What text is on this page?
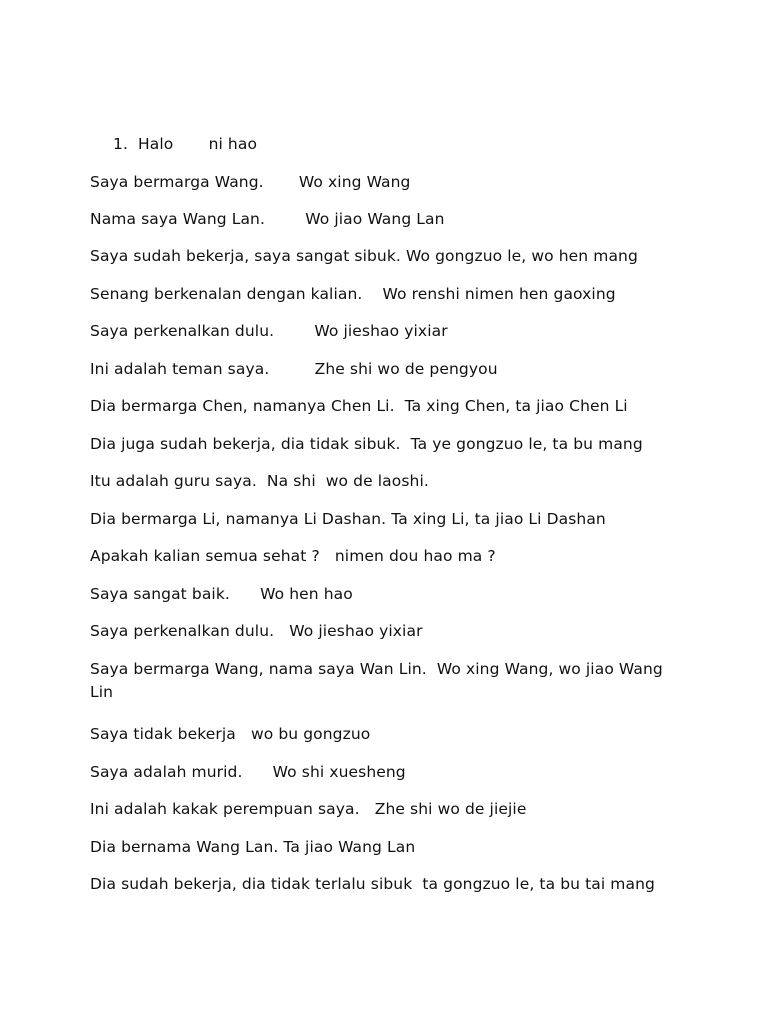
1.  Halo       ni hao
Saya bermarga Wang.       Wo xing Wang
Nama saya Wang Lan.        Wo jiao Wang Lan
Saya sudah bekerja, saya sangat sibuk. Wo gongzuo le, wo hen mang
Senang berkenalan dengan kalian.    Wo renshi nimen hen gaoxing
Saya perkenalkan dulu.        Wo jieshao yixiar
Ini adalah teman saya.         Zhe shi wo de pengyou
Dia bermarga Chen, namanya Chen Li.  Ta xing Chen, ta jiao Chen Li
Dia juga sudah bekerja, dia tidak sibuk.  Ta ye gongzuo le, ta bu mang
Itu adalah guru saya.  Na shi  wo de laoshi.
Dia bermarga Li, namanya Li Dashan. Ta xing Li, ta jiao Li Dashan
Apakah kalian semua sehat ?   nimen dou hao ma ?
Saya sangat baik.      Wo hen hao
Saya perkenalkan dulu.   Wo jieshao yixiar
Saya bermarga Wang, nama saya Wan Lin.  Wo xing Wang, wo jiao Wang Lin
Saya tidak bekerja   wo bu gongzuo
Saya adalah murid.      Wo shi xuesheng
Ini adalah kakak perempuan saya.   Zhe shi wo de jiejie
Dia bernama Wang Lan. Ta jiao Wang Lan
Dia sudah bekerja, dia tidak terlalu sibuk  ta gongzuo le, ta bu tai mang
